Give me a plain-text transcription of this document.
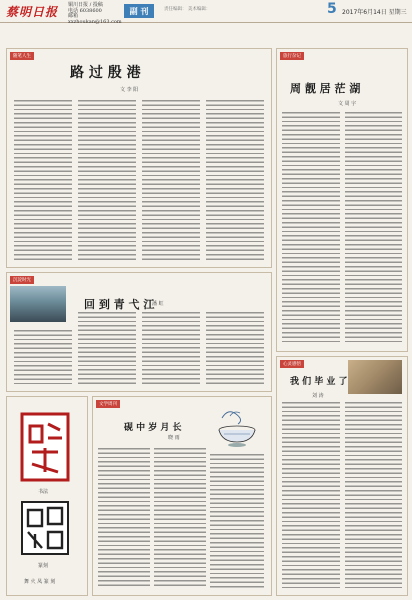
蔡明日报 铜川日报 / 投稿
电话 6038600
邮箱 xxzhoukan@163.com
副 刊	责任编辑： 美术编辑：	5 2017年6月14日 星期三
随笔人生
路 过 殷 港
文 李 阳
旅行杂记
周 靓 居 茫 湖
文 周 宇
沉淀时光
回 到 青 弋 江
潘 虹
文学周刊
砚 中 岁 月 长
晓 雨
心灵感悟
我 们 毕 业 了
刘 涛
书法
篆刻
舞 火 凤 篆 刻
